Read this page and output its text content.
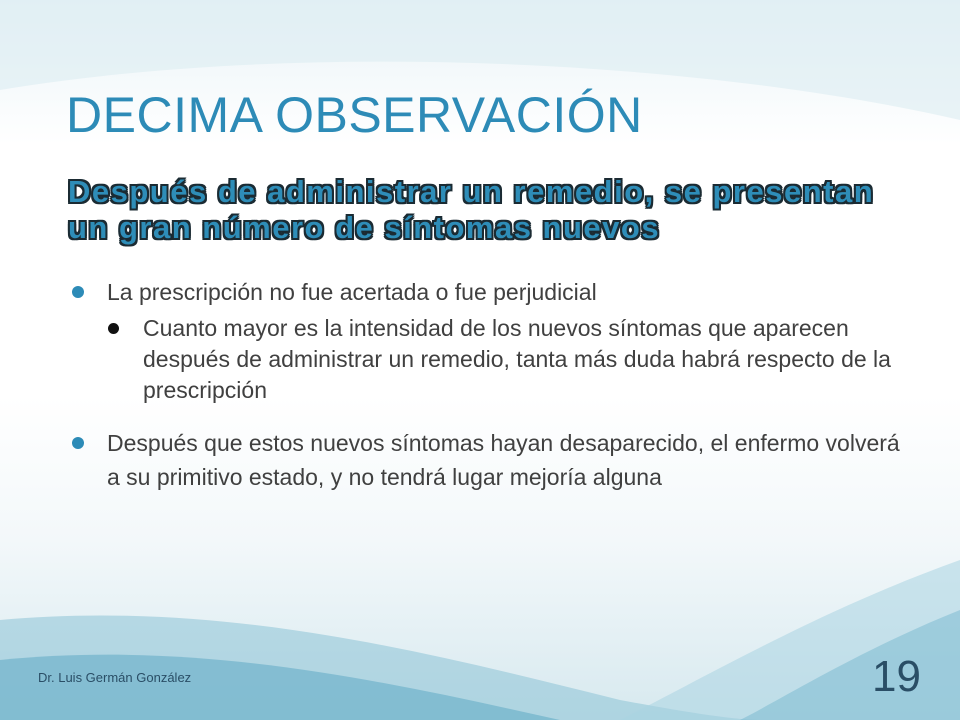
DECIMA OBSERVACIÓN
Después de administrar un remedio, se presentan un gran número de síntomas nuevos
La prescripción no fue acertada o fue perjudicial
Cuanto mayor es la intensidad de los nuevos síntomas que aparecen después de administrar un remedio, tanta más duda habrá respecto de la prescripción
Después que estos nuevos síntomas hayan desaparecido, el enfermo volverá a su primitivo estado, y no tendrá lugar mejoría alguna
Dr. Luis Germán González	19
